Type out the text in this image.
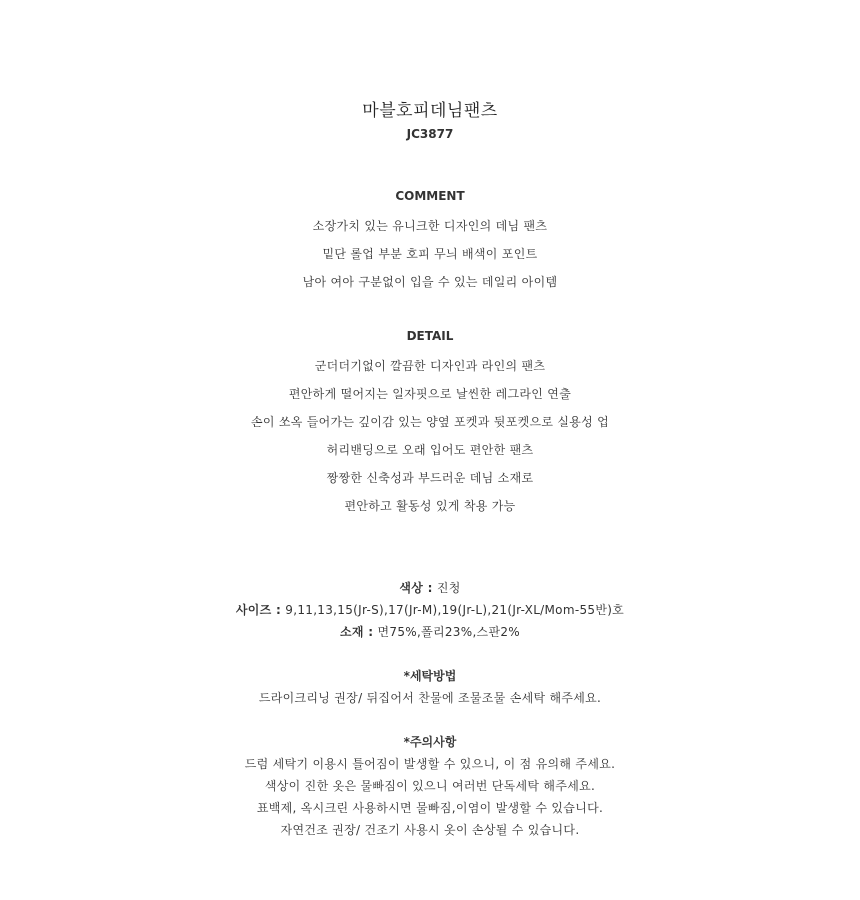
마블호피데님팬츠
JC3877
COMMENT
소장가치 있는 유니크한 디자인의 데님 팬츠
밑단 롤업 부분 호피 무늬 배색이 포인트
남아 여아 구분없이 입을 수 있는 데일리 아이템
DETAIL
군더더기없이 깔끔한 디자인과 라인의 팬츠
편안하게 떨어지는 일자핏으로 날씬한 레그라인 연출
손이 쏘옥 들어가는 깊이감 있는 양옆 포켓과 뒷포켓으로 실용성 업
허리밴딩으로 오래 입어도 편안한 팬츠
짱짱한 신축성과 부드러운 데님 소재로
편안하고 활동성 있게 착용 가능
색상 : 진청
사이즈 : 9,11,13,15(Jr-S),17(Jr-M),19(Jr-L),21(Jr-XL/Mom-55반)호
소재 : 면75%,폴리23%,스판2%
*세탁방법
드라이크리닝 권장/ 뒤집어서 찬물에 조물조물 손세탁 해주세요.
*주의사항
드럼 세탁기 이용시 틀어짐이 발생할 수 있으니, 이 점 유의해 주세요.
색상이 진한 옷은 물빠짐이 있으니 여러번 단독세탁 해주세요.
표백제, 옥시크린 사용하시면 물빠짐,이염이 발생할 수 있습니다.
자연건조 권장/ 건조기 사용시 옷이 손상될 수 있습니다.
